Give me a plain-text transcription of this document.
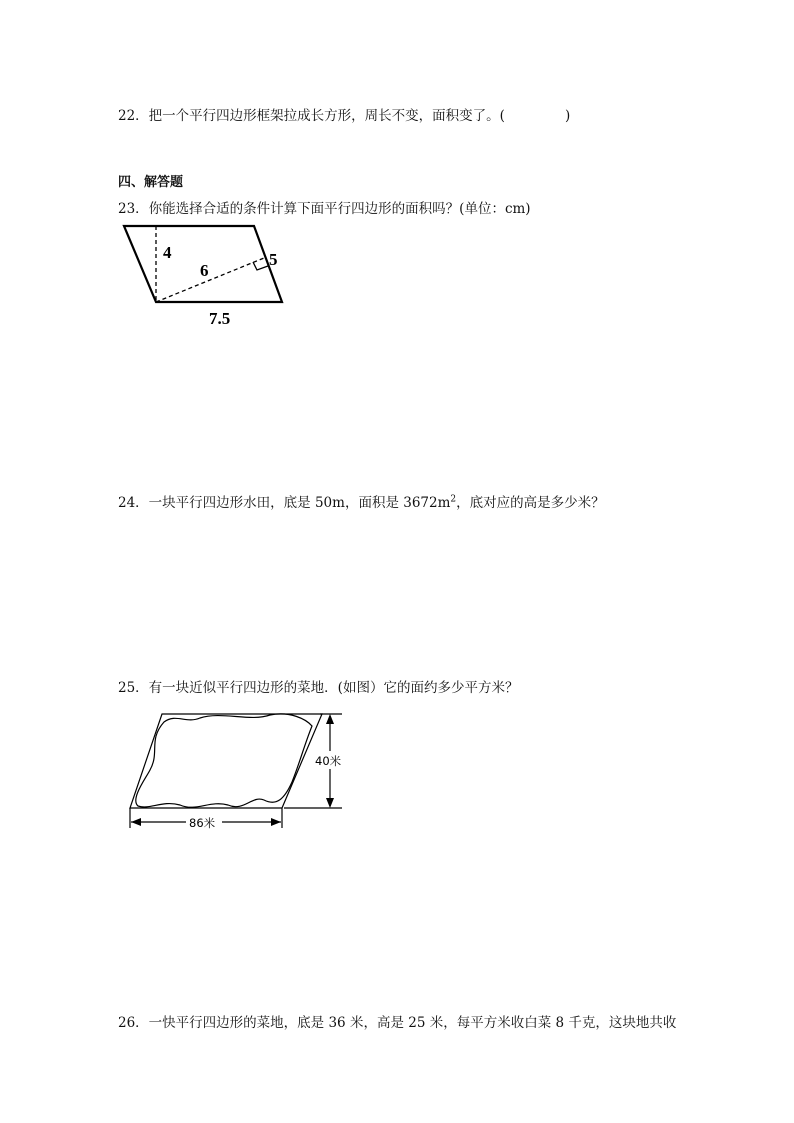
22．把一个平行四边形框架拉成长方形，周长不变，面积变了。(	)
四、解答题
23．你能选择合适的条件计算下面平行四边形的面积吗？(单位：cm)
4
6
5
7.5
40米
86米
24．一块平行四边形水田，底是 50m，面积是 $3672m^2$，底对应的高是多少米？
25．有一块近似平行四边形的菜地．(如图）它的面约多少平方米？
26．一快平行四边形的菜地，底是 36 米，高是 25 米，每平方米收白菜 8 千克，这块地共收
